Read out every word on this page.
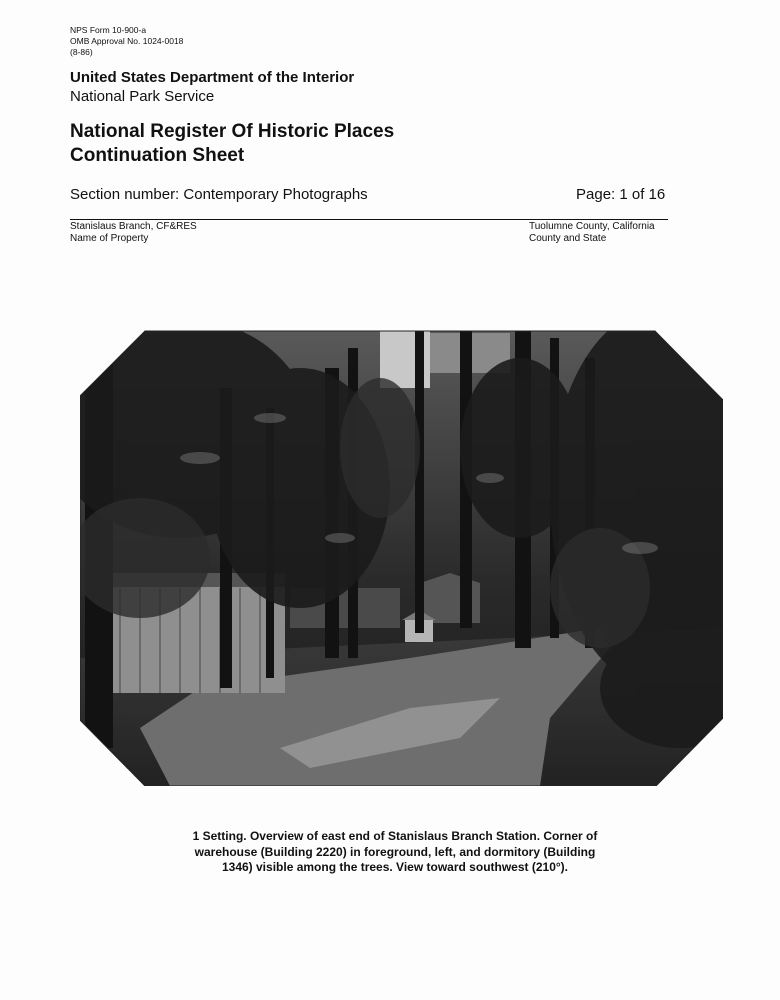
NPS Form 10-900-a
OMB Approval No. 1024-0018
(8-86)
United States Department of the Interior
National Park Service
National Register Of Historic Places
Continuation Sheet
Section number: Contemporary Photographs	Page: 1 of 16
Stanislaus Branch, CF&RES
Name of Property
Tuolumne County, California
County and State
1 Setting. Overview of east end of Stanislaus Branch Station. Corner of
warehouse (Building 2220) in foreground, left, and dormitory (Building
1346) visible among the trees. View toward southwest (210°).
